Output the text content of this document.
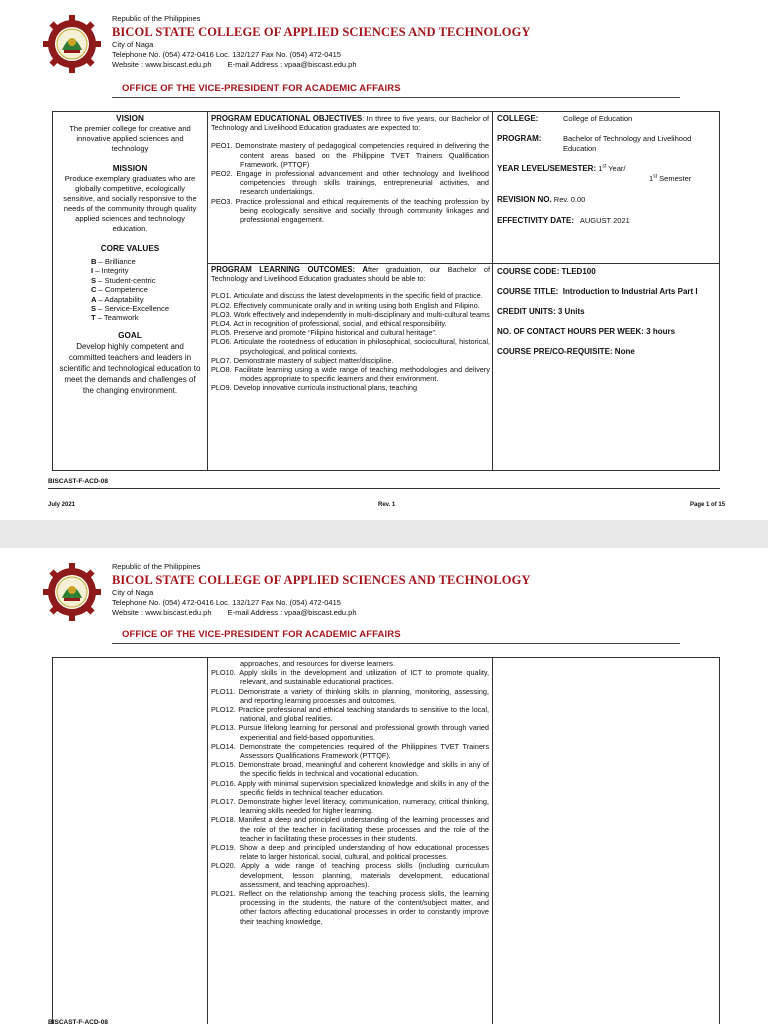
Republic of the Philippines
BICOL STATE COLLEGE OF APPLIED SCIENCES AND TECHNOLOGY
City of Naga
Telephone No. (054) 472-0416 Loc. 132/127 Fax No. (054) 472-0415
Website : www.biscast.edu.ph E-mail Address : vpaa@biscast.edu.ph
OFFICE OF THE VICE-PRESIDENT FOR ACADEMIC AFFAIRS
VISION
The premier college for creative and innovative applied sciences and technology
MISSION
Produce exemplary graduates who are globally competitive, ecologically sensitive, and socially responsive to the needs of the community through quality applied sciences and technology education.
CORE VALUES
B – Brilliance
I – Integrity
S – Student-centric
C – Competence
A – Adaptability
S – Service-Excellence
T – Teamwork
GOAL
Develop highly competent and committed teachers and leaders in scientific and technological education to meet the demands and challenges of the changing environment.
PROGRAM EDUCATIONAL OBJECTIVES: In three to five years, our Bachelor of Technology and Livelihood Education graduates are expected to:
PEO1. Demonstrate mastery of pedagogical competencies required in delivering the content areas based on the Philippine TVET Trainers Qualification Framework. (PTTQF)
PEO2. Engage in professional advancement and other technology and livelihood competencies through skills trainings, entrepreneurial activities, and research undertakings.
PEO3. Practice professional and ethical requirements of the teaching profession by being ecologically sensitive and socially through community linkages and professional engagement.
PROGRAM LEARNING OUTCOMES: After graduation, our Bachelor of Technology and Livelihood Education graduates should be able to:
PLO1. Articulate and discuss the latest developments in the specific field of practice.
PLO2. Effectively communicate orally and in writing using both English and Filipino.
PLO3. Work effectively and independently in multi-disciplinary and multi-cultural teams
PLO4. Act in recognition of professional, social, and ethical responsibility.
PLO5. Preserve and promote “Filipino historical and cultural heritage”.
PLO6. Articulate the rootedness of education in philosophical, sociocultural, historical, psychological, and political contexts.
PLO7. Demonstrate mastery of subject matter/discipline.
PLO8. Facilitate learning using a wide range of teaching methodologies and delivery modes appropriate to specific learners and their environment.
PLO9. Develop innovative curricula instructional plans, teaching
COLLEGE:	College of Education
PROGRAM:	Bachelor of Technology and Livelihood Education
YEAR LEVEL/SEMESTER: 1st Year/
1st Semester
REVISION NO. Rev. 0.00
EFFECTIVITY DATE: AUGUST 2021
COURSE CODE: TLED100
COURSE TITLE: Introduction to Industrial Arts Part I
CREDIT UNITS: 3 Units
NO. OF CONTACT HOURS PER WEEK: 3 hours
COURSE PRE/CO-REQUISITE: None
BISCAST-F-ACD-08
July 2021	Rev. 1	Page 1 of 15
Republic of the Philippines
BICOL STATE COLLEGE OF APPLIED SCIENCES AND TECHNOLOGY
City of Naga
Telephone No. (054) 472-0416 Loc. 132/127 Fax No. (054) 472-0415
Website : www.biscast.edu.ph E-mail Address : vpaa@biscast.edu.ph
OFFICE OF THE VICE-PRESIDENT FOR ACADEMIC AFFAIRS
approaches, and resources for diverse learners.
PLO10. Apply skills in the development and utilization of ICT to promote quality, relevant, and sustainable educational practices.
PLO11. Demonstrate a variety of thinking skills in planning, monitoring, assessing, and reporting learning processes and outcomes.
PLO12. Practice professional and ethical teaching standards to sensitive to the local, national, and global realities.
PLO13. Pursue lifelong learning for personal and professional growth through varied experiential and field-based opportunities.
PLO14. Demonstrate the competencies required of the Philippines TVET Trainers Assessors Qualifications Framework (PTTQF).
PLO15. Demonstrate broad, meaningful and coherent knowledge and skills in any of the specific fields in technical and vocational education.
PLO16. Apply with minimal supervision specialized knowledge and skills in any of the specific fields in technical teacher education.
PLO17. Demonstrate higher level literacy, communication, numeracy, critical thinking, learning skills needed for higher learning.
PLO18. Manifest a deep and principled understanding of the learning processes and the role of the teacher in facilitating these processes and the role of the teacher in facilitating these processes in their students.
PLO19. Show a deep and principled understanding of how educational processes relate to larger historical, social, cultural, and political processes.
PLO20. Apply a wide range of teaching process skills (including curriculum development, lesson planning, materials development, educational assessment, and teaching approaches).
PLO21. Reflect on the relationship among the teaching process skills, the learning processing in the students, the nature of the content/subject matter, and other factors affecting educational processes in order to constantly improve their teaching knowledge,
BISCAST-F-ACD-08
